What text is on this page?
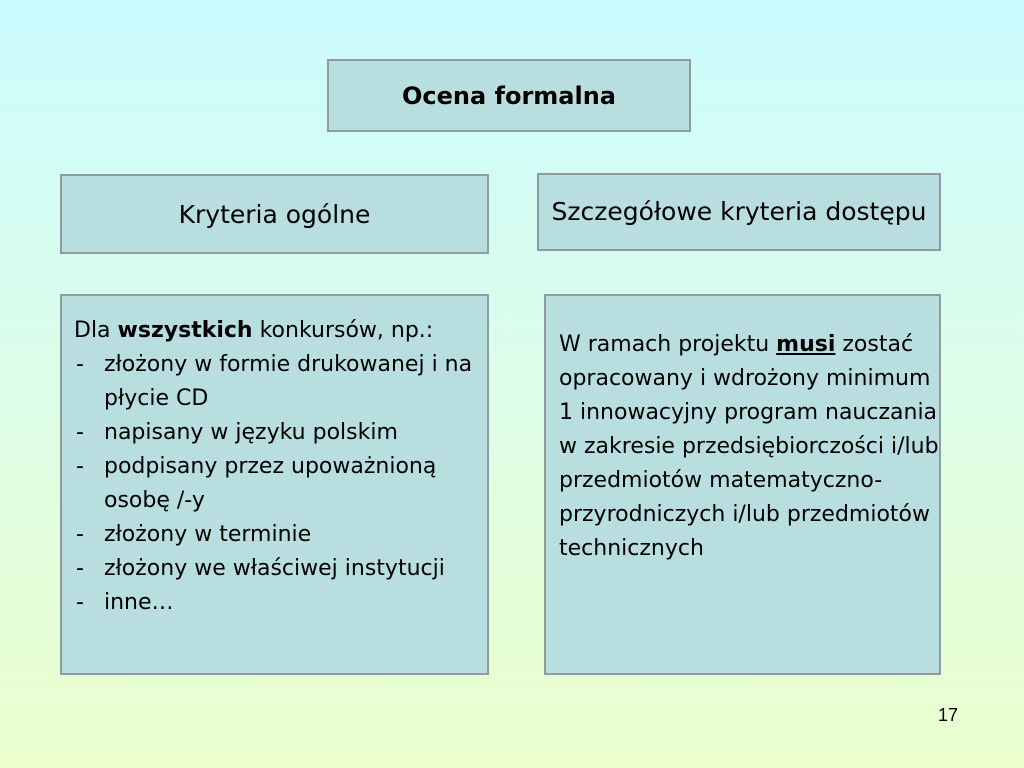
Ocena formalna
Kryteria ogólne	Szczegółowe kryteria dostępu
Dla wszystkich konkursów, np.:
- złożony w formie drukowanej i na płycie CD
- napisany w języku polskim
- podpisany przez upoważnioną osobę /-y
- złożony w terminie
- złożony we właściwej instytucji
- inne…
W ramach projektu musi zostać opracowany i wdrożony minimum 1 innowacyjny program nauczania w zakresie przedsiębiorczości i/lub przedmiotów matematyczno-przyrodniczych i/lub przedmiotów technicznych
17
